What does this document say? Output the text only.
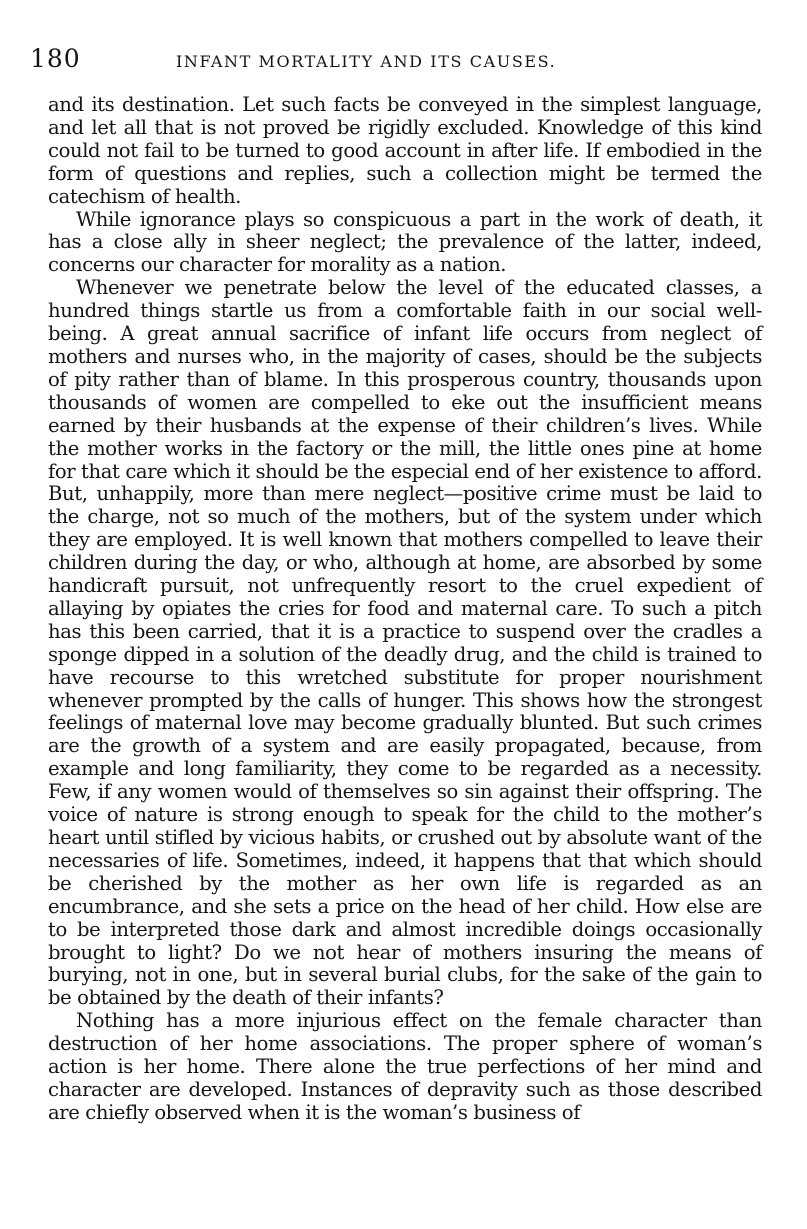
180	INFANT MORTALITY AND ITS CAUSES.

and its destination. Let such facts be conveyed in the simplest language, and let all that is not proved be rigidly excluded. Knowledge of this kind could not fail to be turned to good account in after life. If embodied in the form of questions and replies, such a collection might be termed the catechism of health.

While ignorance plays so conspicuous a part in the work of death, it has a close ally in sheer neglect; the prevalence of the latter, indeed, concerns our character for morality as a nation.

Whenever we penetrate below the level of the educated classes, a hundred things startle us from a comfortable faith in our social well-being. A great annual sacrifice of infant life occurs from neglect of mothers and nurses who, in the majority of cases, should be the subjects of pity rather than of blame. In this prosperous country, thousands upon thousands of women are compelled to eke out the insufficient means earned by their husbands at the expense of their children’s lives. While the mother works in the factory or the mill, the little ones pine at home for that care which it should be the especial end of her existence to afford. But, unhappily, more than mere neglect—positive crime must be laid to the charge, not so much of the mothers, but of the system under which they are employed. It is well known that mothers compelled to leave their children during the day, or who, although at home, are absorbed by some handicraft pursuit, not unfrequently resort to the cruel expedient of allaying by opiates the cries for food and maternal care. To such a pitch has this been carried, that it is a practice to suspend over the cradles a sponge dipped in a solution of the deadly drug, and the child is trained to have recourse to this wretched substitute for proper nourishment whenever prompted by the calls of hunger. This shows how the strongest feelings of maternal love may become gradually blunted. But such crimes are the growth of a system and are easily propagated, because, from example and long familiarity, they come to be regarded as a necessity. Few, if any women would of themselves so sin against their offspring. The voice of nature is strong enough to speak for the child to the mother’s heart until stifled by vicious habits, or crushed out by absolute want of the necessaries of life. Sometimes, indeed, it happens that that which should be cherished by the mother as her own life is regarded as an encumbrance, and she sets a price on the head of her child. How else are to be interpreted those dark and almost incredible doings occasionally brought to light? Do we not hear of mothers insuring the means of burying, not in one, but in several burial clubs, for the sake of the gain to be obtained by the death of their infants?

Nothing has a more injurious effect on the female character than destruction of her home associations. The proper sphere of woman’s action is her home. There alone the true perfections of her mind and character are developed. Instances of depravity such as those described are chiefly observed when it is the woman’s business of
